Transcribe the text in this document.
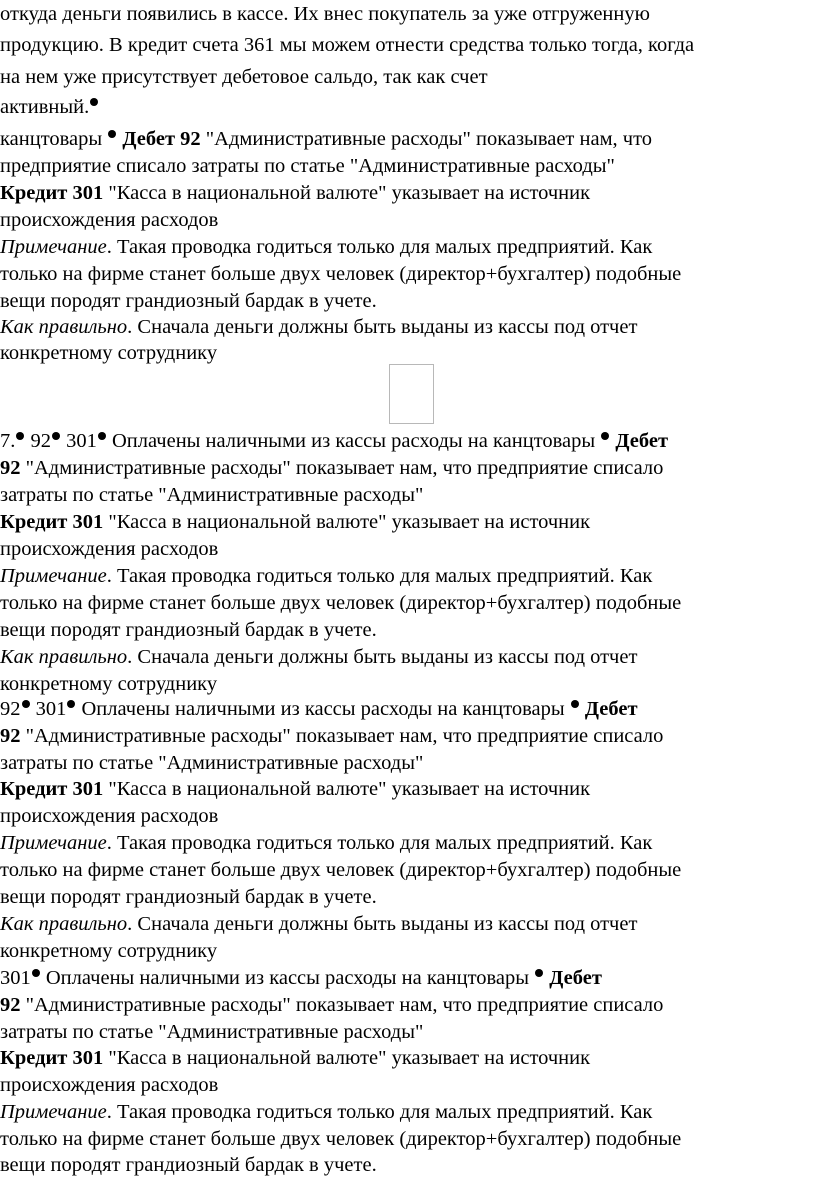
откуда деньги появились в кассе. Их внес покупатель за уже отгруженную
продукцию. В кредит счета 361 мы можем отнести средства только тогда, когда
на нем уже присутствует дебетовое сальдо, так как счет
активный.
канцтовары Дебет 92 "Административные расходы" показывает нам, что
предприятие списало затраты по статье "Административные расходы"
Кредит 301 "Касса в национальной валюте" указывает на источник
происхождения расходов
Примечание. Такая проводка годиться только для малых предприятий. Как
только на фирме станет больше двух человек (директор+бухгалтер) подобные
вещи породят грандиозный бардак в учете.
Как правильно. Сначала деньги должны быть выданы из кассы под отчет
конкретному сотруднику
7. 92 301 Оплачены наличными из кассы расходы на канцтовары Дебет
92 "Административные расходы" показывает нам, что предприятие списало
затраты по статье "Административные расходы"
Кредит 301 "Касса в национальной валюте" указывает на источник
происхождения расходов
Примечание. Такая проводка годиться только для малых предприятий. Как
только на фирме станет больше двух человек (директор+бухгалтер) подобные
вещи породят грандиозный бардак в учете.
Как правильно. Сначала деньги должны быть выданы из кассы под отчет
конкретному сотруднику
92 301 Оплачены наличными из кассы расходы на канцтовары Дебет
92 "Административные расходы" показывает нам, что предприятие списало
затраты по статье "Административные расходы"
Кредит 301 "Касса в национальной валюте" указывает на источник
происхождения расходов
Примечание. Такая проводка годиться только для малых предприятий. Как
только на фирме станет больше двух человек (директор+бухгалтер) подобные
вещи породят грандиозный бардак в учете.
Как правильно. Сначала деньги должны быть выданы из кассы под отчет
конкретному сотруднику
301 Оплачены наличными из кассы расходы на канцтовары Дебет
92 "Административные расходы" показывает нам, что предприятие списало
затраты по статье "Административные расходы"
Кредит 301 "Касса в национальной валюте" указывает на источник
происхождения расходов
Примечание. Такая проводка годиться только для малых предприятий. Как
только на фирме станет больше двух человек (директор+бухгалтер) подобные
вещи породят грандиозный бардак в учете.
